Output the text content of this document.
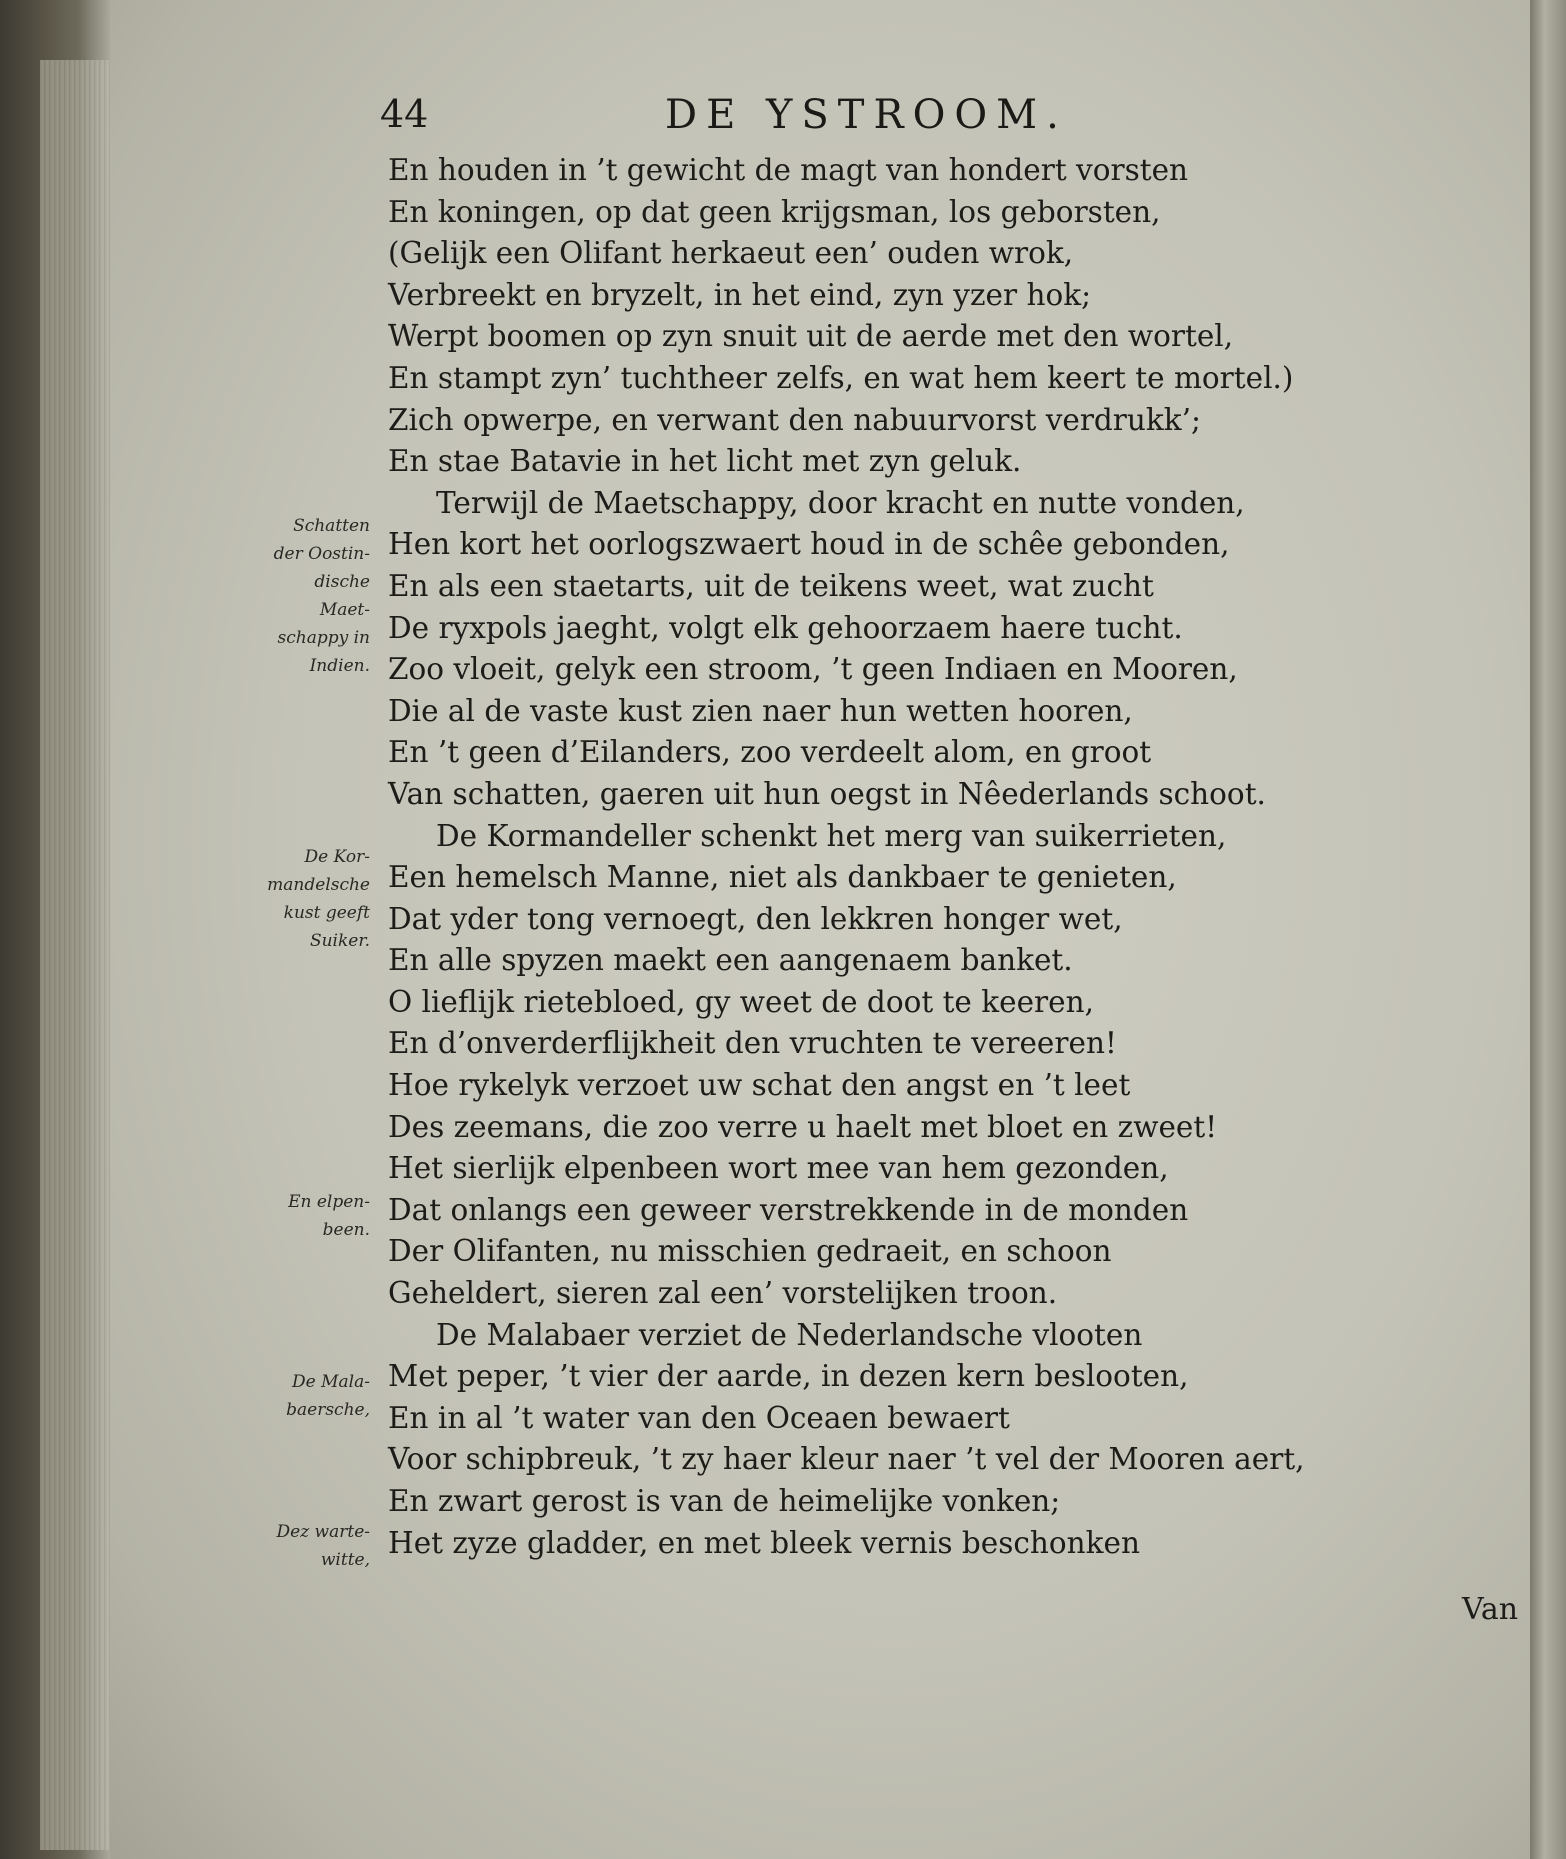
44	DE YSTROOM.
Schatten
der Oostin-
dische
Maet-
schappy in
Indien.
De Kor-
mandelsche
kust geeft
Suiker.
En elpen-
been.
De Mala-
baersche,
Dez warte-
witte,
En houden in ’t gewicht de magt van hondert vorsten
En koningen, op dat geen krijgsman, los geborsten,
(Gelijk een Olifant herkaeut een’ ouden wrok,
Verbreekt en bryzelt, in het eind, zyn yzer hok;
Werpt boomen op zyn snuit uit de aerde met den wortel,
En stampt zyn’ tuchtheer zelfs, en wat hem keert te mortel.)
Zich opwerpe, en verwant den nabuurvorst verdrukk’;
En stae Batavie in het licht met zyn geluk.
Terwijl de Maetschappy, door kracht en nutte vonden,
Hen kort het oorlogszwaert houd in de schêe gebonden,
En als een staetarts, uit de teikens weet, wat zucht
De ryxpols jaeght, volgt elk gehoorzaem haere tucht.
Zoo vloeit, gelyk een stroom, ’t geen Indiaen en Mooren,
Die al de vaste kust zien naer hun wetten hooren,
En ’t geen d’Eilanders, zoo verdeelt alom, en groot
Van schatten, gaeren uit hun oegst in Nêederlands schoot.
De Kormandeller schenkt het merg van suikerrieten,
Een hemelsch Manne, niet als dankbaer te genieten,
Dat yder tong vernoegt, den lekkren honger wet,
En alle spyzen maekt een aangenaem banket.
O lieflijk rietebloed, gy weet de doot te keeren,
En d’onverderflijkheit den vruchten te vereeren!
Hoe rykelyk verzoet uw schat den angst en ’t leet
Des zeemans, die zoo verre u haelt met bloet en zweet!
Het sierlijk elpenbeen wort mee van hem gezonden,
Dat onlangs een geweer verstrekkende in de monden
Der Olifanten, nu misschien gedraeit, en schoon
Geheldert, sieren zal een’ vorstelijken troon.
De Malabaer verziet de Nederlandsche vlooten
Met peper, ’t vier der aarde, in dezen kern beslooten,
En in al ’t water van den Oceaen bewaert
Voor schipbreuk, ’t zy haer kleur naer ’t vel der Mooren aert,
En zwart gerost is van de heimelijke vonken;
Het zyze gladder, en met bleek vernis beschonken
Van
